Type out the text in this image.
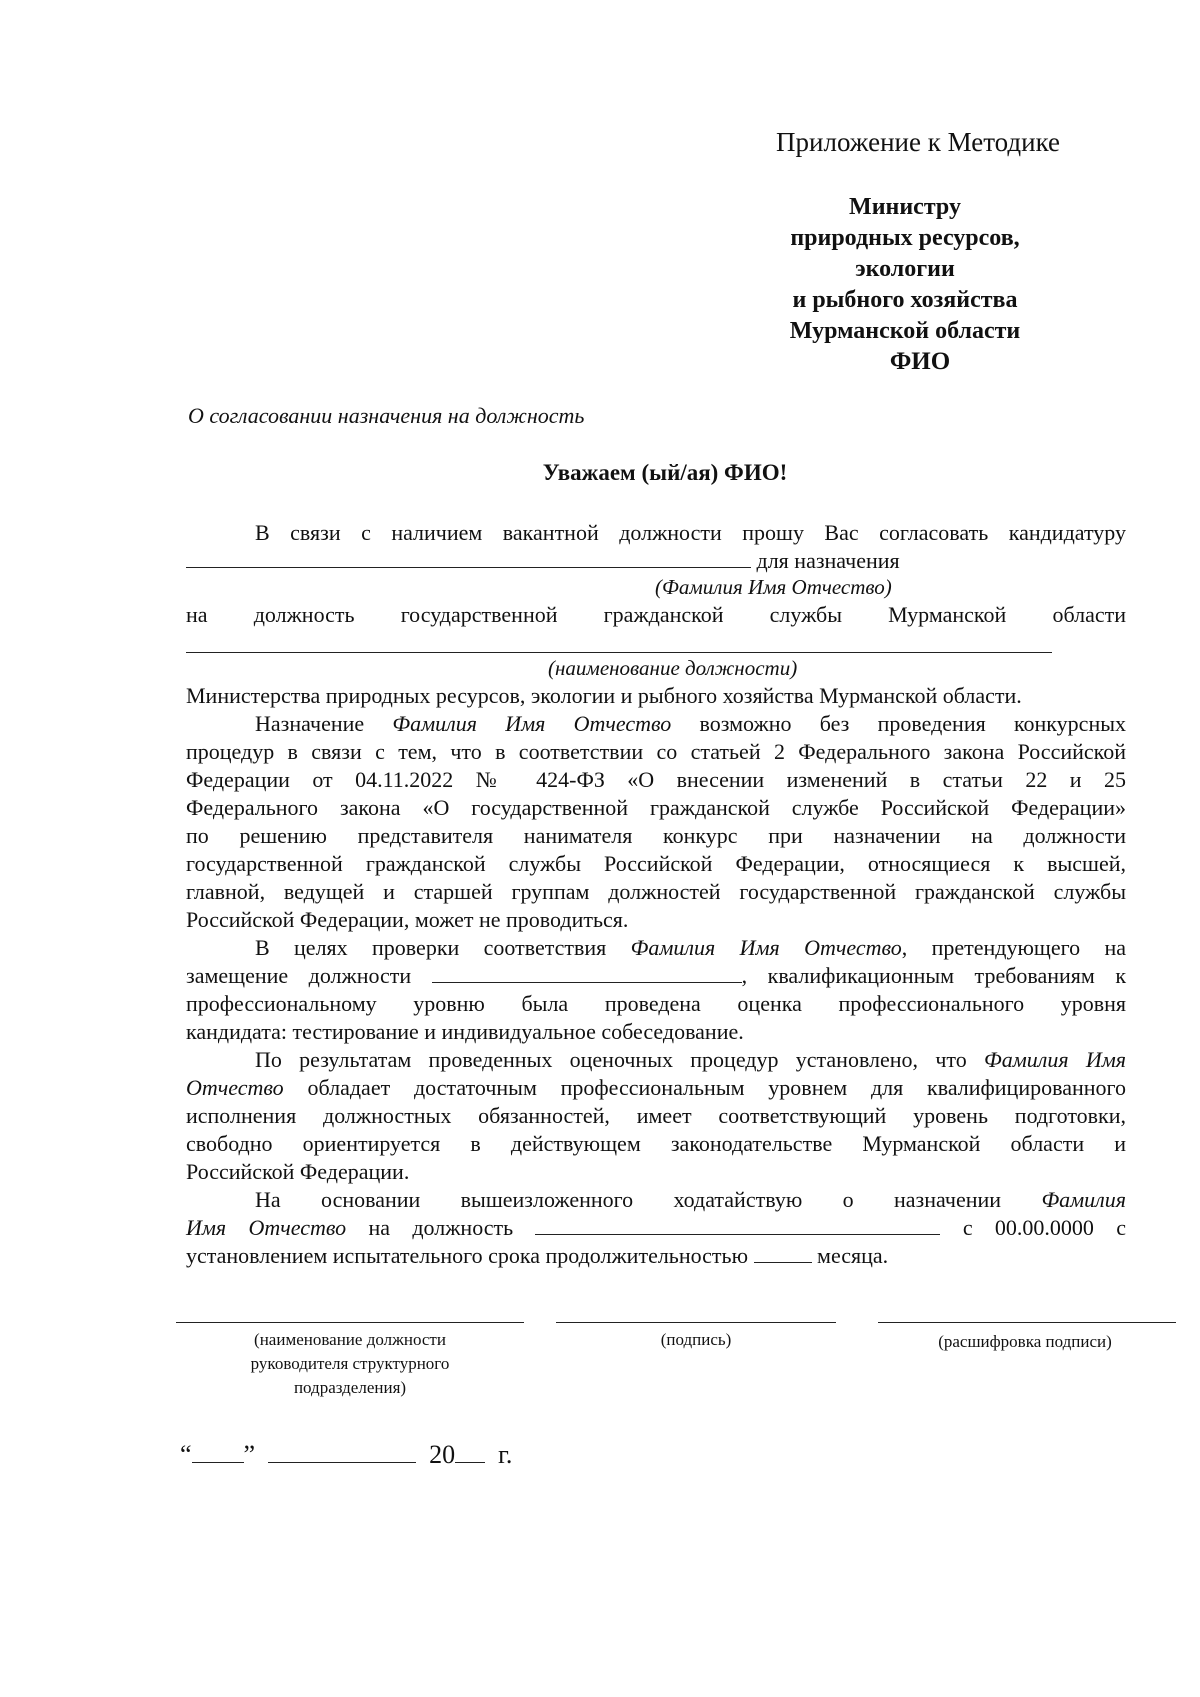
Приложение к Методике
Министру
природных ресурсов, экологии
и рыбного хозяйства
Мурманской области
ФИО
О согласовании назначения на должность
Уважаем (ый/ая) ФИО!
В связи с наличием вакантной должности прошу Вас согласовать кандидатуру
для назначения
(Фамилия Имя Отчество)
на должность государственной гражданской службы Мурманской области
(наименование должности)
Министерства природных ресурсов, экологии и рыбного хозяйства Мурманской области.
Назначение Фамилия Имя Отчество возможно без проведения конкурсных
процедур в связи с тем, что в соответствии со статьей 2 Федерального закона Российской
Федерации от 04.11.2022 № 424-ФЗ «О внесении изменений в статьи 22 и 25
Федерального закона «О государственной гражданской службе Российской Федерации»
по решению представителя нанимателя конкурс при назначении на должности
государственной гражданской службы Российской Федерации, относящиеся к высшей,
главной, ведущей и старшей группам должностей государственной гражданской службы
Российской Федерации, может не проводиться.
В целях проверки соответствия Фамилия Имя Отчество, претендующего на
замещение должности	, квалификационным требованиям к
профессиональному уровню была проведена оценка профессионального уровня
кандидата: тестирование и индивидуальное собеседование.
По результатам проведенных оценочных процедур установлено, что Фамилия Имя
Отчество обладает достаточным профессиональным уровнем для квалифицированного
исполнения должностных обязанностей, имеет соответствующий уровень подготовки,
свободно ориентируется в действующем законодательстве Мурманской области и
Российской Федерации.
На основании вышеизложенного ходатайствую о назначении Фамилия
Имя Отчество на должность	с 00.00.0000 с
установлением испытательного срока продолжительностью	месяца.
(наименование должности
руководителя структурного
подразделения)
(подпись)	(расшифровка подписи)
“ ”	20 г.
